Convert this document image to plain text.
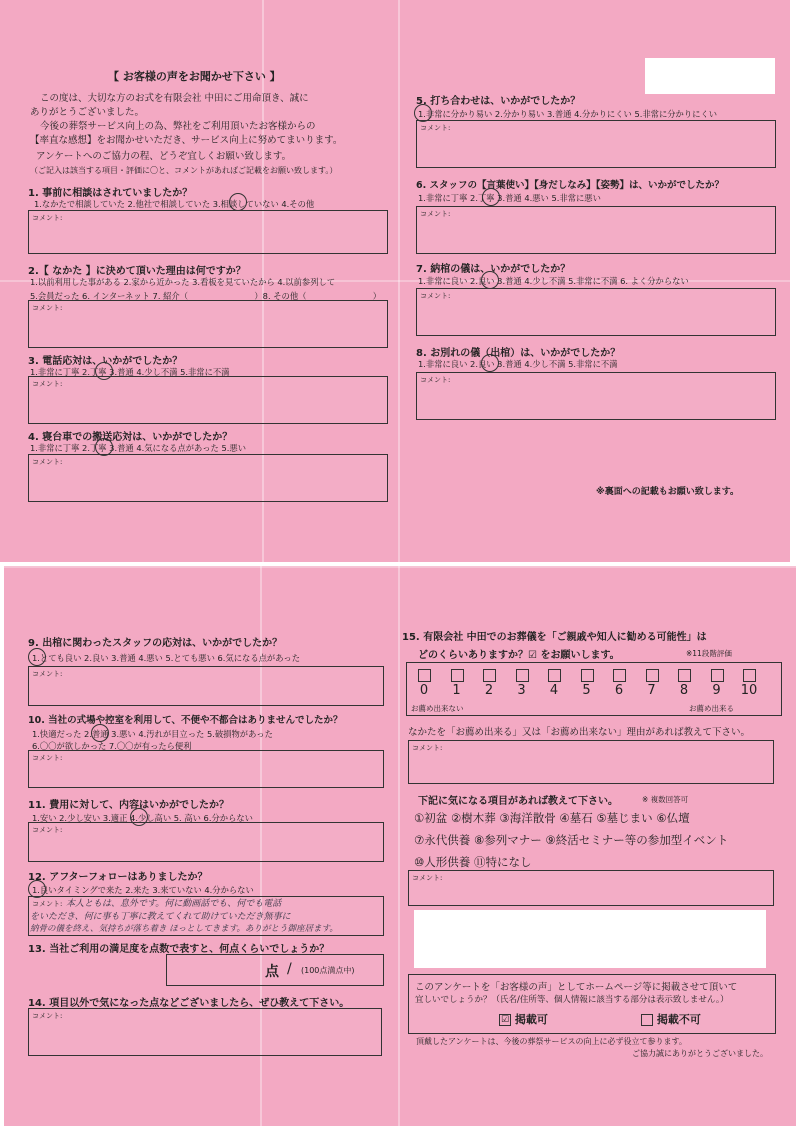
【 お客様の声をお聞かせ下さい 】
この度は、大切な方のお式を有限会社 中田にご用命頂き、誠に
ありがとうございました。
今後の葬祭サービス向上の為、弊社をご利用頂いたお客様からの
【率直な感想】をお聞かせいただき、サービス向上に努めてまいります。
アンケートへのご協力の程、どうぞ宜しくお願い致します。
（ご記入は該当する項目・評価に〇と、コメントがあればご記載をお願い致します。）
1. 事前に相談はされていましたか？
1.なかたで相談していた 2.他社で相談していた 3.相談していない 4.その他
コメント:
2.【 なかた 】に決めて頂いた理由は何ですか？
1.以前利用した事がある 2.家から近かった 3.看板を見ていたから 4.以前参列して
5.会員だった 6. インターネット 7. 紹介（　　　　　　　　）8. その他（　　　　　　　　）
コメント:
3. 電話応対は、いかがでしたか？
1.非常に丁寧 2.丁寧 3.普通 4.少し不満 5.非常に不満
コメント:
4. 寝台車での搬送応対は、いかがでしたか？
1.非常に丁寧 2.丁寧 3.普通 4.気になる点があった 5.悪い
コメント:
5. 打ち合わせは、いかがでしたか？
1.非常に分かり易い 2.分かり易い 3.普通 4.分かりにくい 5.非常に分かりにくい
コメント:
6. スタッフの【言葉使い】【身だしなみ】【姿勢】は、いかがでしたか？
1.非常に丁寧 2.丁寧 3.普通 4.悪い 5.非常に悪い
コメント:
7. 納棺の儀は、いかがでしたか？
1.非常に良い 2.良い 3.普通 4.少し不満 5.非常に不満 6. よく分からない
コメント:
8. お別れの儀（出棺）は、いかがでしたか？
1.非常に良い 2.良い 3.普通 4.少し不満 5.非常に不満
コメント:
※裏面への記載もお願い致します。
9. 出棺に関わったスタッフの応対は、いかがでしたか？
1.とても良い 2.良い 3.普通 4.悪い 5.とても悪い 6.気になる点があった
コメント:
10. 当社の式場や控室を利用して、不便や不都合はありませんでしたか？
1.快適だった 2.普通 3.悪い 4.汚れが目立った 5.破損物があった
6.〇〇が欲しかった 7.〇〇が有ったら便利
コメント:
11. 費用に対して、内容はいかがでしたか？
1.安い 2.少し安い 3.適正 4.少し高い 5. 高い 6.分からない
コメント:
12. アフターフォローはありましたか？
1.良いタイミングで来た 2.来た 3.来ていない 4.分からない
コメント: 本人ともは、息外です。何に動画話でも、何でも電話
をいただき、何に事も丁寧に教えてくれて助けていただき無事に
納骨の儀を終え、気持ちが落ち着き ほっとしてきます。ありがとう御座居ます。
13. 当社ご利用の満足度を点数で表すと、何点くらいでしょうか？
点 / (100点満点中)
14. 項目以外で気になった点などございましたら、ぜひ教えて下さい。
コメント:
15. 有限会社 中田でのお葬儀を「ご親戚や知人に勧める可能性」は
どのくらいありますか？☑ をお願いします。	※11段階評価
0	1	2	3	4	5	6	7	8	9	10
お薦め出来ない	お薦め出来る
なかたを「お薦め出来る」又は「お薦め出来ない」理由があれば教えて下さい。
コメント:
下記に気になる項目があれば教えて下さい。	※ 複数回答可
①初盆 ②樹木葬 ③海洋散骨 ④墓石 ⑤墓じまい ⑥仏壇
⑦永代供養 ⑧参列マナー ⑨終活セミナー等の参加型イベント
⑩人形供養 ⑪特になし
コメント:
このアンケートを「お客様の声」としてホームページ等に掲載させて頂いて
宜しいでしょうか？（氏名/住所等、個人情報に該当する部分は表示致しません。）
☑ 掲載可	掲載不可
頂戴したアンケートは、今後の葬祭サービスの向上に必ず役立て参ります。
ご協力誠にありがとうございました。
